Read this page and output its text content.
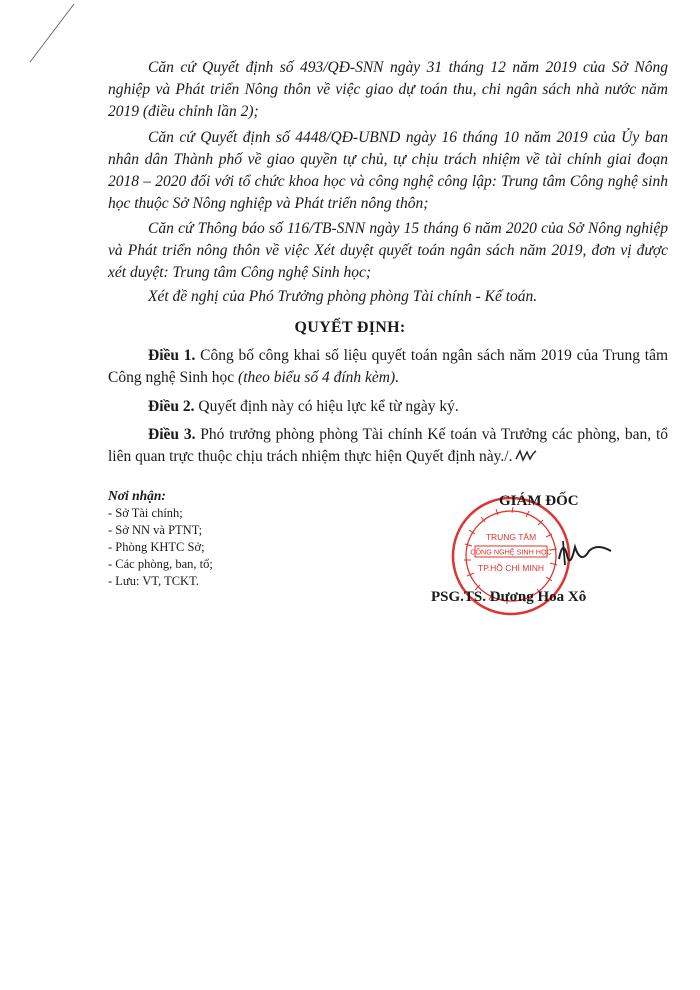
Căn cứ Quyết định số 493/QĐ-SNN ngày 31 tháng 12 năm 2019 của Sở Nông nghiệp và Phát triển Nông thôn về việc giao dự toán thu, chi ngân sách nhà nước năm 2019 (điều chỉnh lần 2);

Căn cứ Quyết định số 4448/QĐ-UBND ngày 16 tháng 10 năm 2019 của Ủy ban nhân dân Thành phố về giao quyền tự chủ, tự chịu trách nhiệm về tài chính giai đoạn 2018 – 2020 đối với tổ chức khoa học và công nghệ công lập: Trung tâm Công nghệ sinh học thuộc Sở Nông nghiệp và Phát triển nông thôn;

Căn cứ Thông báo số 116/TB-SNN ngày 15 tháng 6 năm 2020 của Sở Nông nghiệp và Phát triển nông thôn về việc Xét duyệt quyết toán ngân sách năm 2019, đơn vị được xét duyệt: Trung tâm Công nghệ Sinh học;

Xét đề nghị của Phó Trưởng phòng phòng Tài chính - Kế toán.

QUYẾT ĐỊNH:

Điều 1. Công bố công khai số liệu quyết toán ngân sách năm 2019 của Trung tâm Công nghệ Sinh học (theo biểu số 4 đính kèm).

Điều 2. Quyết định này có hiệu lực kể từ ngày ký.

Điều 3. Phó trưởng phòng phòng Tài chính Kế toán và Trưởng các phòng, ban, tổ liên quan trực thuộc chịu trách nhiệm thực hiện Quyết định này./.

Nơi nhận:
- Sở Tài chính;
- Sở NN và PTNT;
- Phòng KHTC Sở;
- Các phòng, ban, tổ;
- Lưu: VT, TCKT.
TRUNG TÂM
CÔNG NGHỆ SINH HỌC
TP.HỒ CHÍ MINH
GIÁM ĐỐC
PSG.TS. Dương Hoa Xô
